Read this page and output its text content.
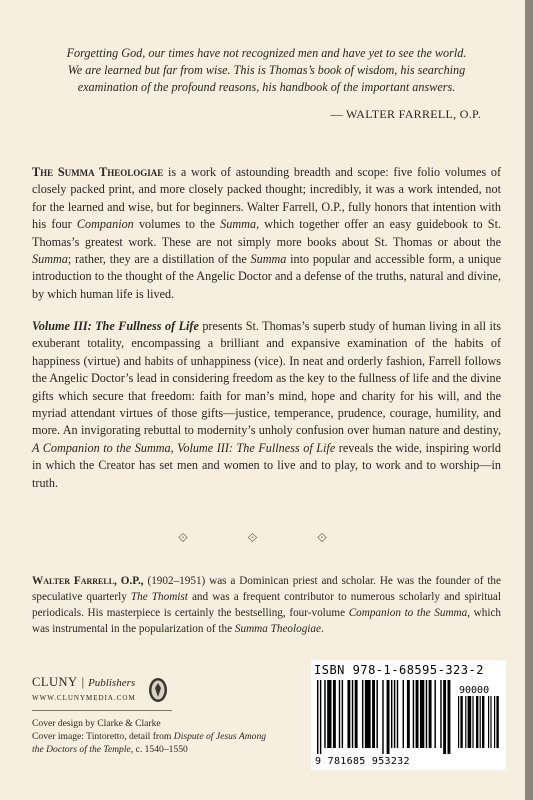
Forgetting God, our times have not recognized men and have yet to see the world.
We are learned but far from wise. This is Thomas’s book of wisdom, his searching
examination of the profound reasons, his handbook of the important answers.
— WALTER FARRELL, O.P.
The Summa Theologiae is a work of astounding breadth and scope: five folio volumes of closely packed print, and more closely packed thought; incredibly, it was a work intended, not for the learned and wise, but for beginners. Walter Farrell, O.P., fully honors that intention with his four Companion volumes to the Summa, which together offer an easy guidebook to St. Thomas’s greatest work. These are not simply more books about St. Thomas or about the Summa; rather, they are a distillation of the Summa into popular and accessible form, a unique introduction to the thought of the Angelic Doctor and a defense of the truths, natural and divine, by which human life is lived.
Volume III: The Fullness of Life presents St. Thomas’s superb study of human living in all its exuberant totality, encompassing a brilliant and expansive examination of the habits of happiness (virtue) and habits of unhappiness (vice). In neat and orderly fashion, Farrell follows the Angelic Doctor’s lead in considering freedom as the key to the fullness of life and the divine gifts which secure that freedom: faith for man’s mind, hope and charity for his will, and the myriad attendant virtues of those gifts—justice, temperance, prudence, courage, humility, and more. An invigorating rebuttal to modernity’s unholy confusion over human nature and destiny, A Companion to the Summa, Volume III: The Fullness of Life reveals the wide, inspiring world in which the Creator has set men and women to live and to play, to work and to worship—in truth.
⟐ ⟐ ⟐
Walter Farrell, O.P., (1902–1951) was a Dominican priest and scholar. He was the founder of the speculative quarterly The Thomist and was a frequent contributor to numerous scholarly and spiritual periodicals. His masterpiece is certainly the bestselling, four-volume Companion to the Summa, which was instrumental in the popularization of the Summa Theologiae.
CLUNY | Publishers
WWW.CLUNYMEDIA.COM
Cover design by Clarke & Clarke
Cover image: Tintoretto, detail from Dispute of Jesus Among the Doctors of the Temple, c. 1540–1550
ISBN 978-1-68595-323-2
90000
9 781685 953232
